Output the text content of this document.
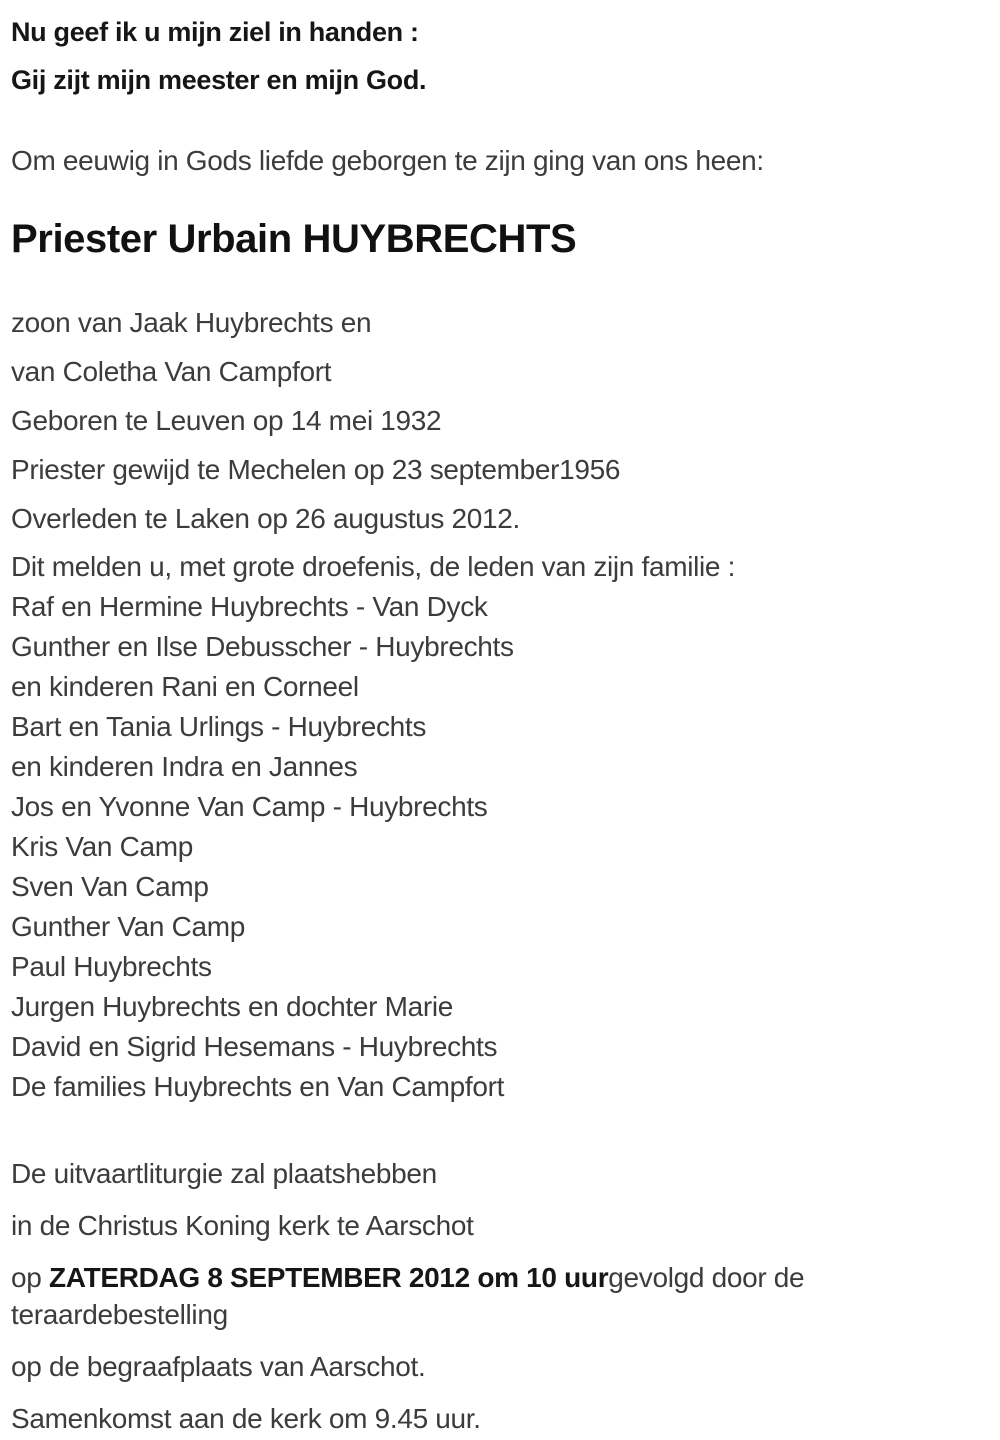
Nu geef ik u mijn ziel in handen :

Gij zijt mijn meester en mijn God.

Om eeuwig in Gods liefde geborgen te zijn ging van ons heen:

Priester Urbain HUYBRECHTS

zoon van Jaak Huybrechts en

van Coletha Van Campfort

Geboren te Leuven op 14 mei 1932

Priester gewijd te Mechelen op 23 september1956

Overleden te Laken op 26 augustus 2012.

Dit melden u, met grote droefenis, de leden van zijn familie :
Raf en Hermine Huybrechts - Van Dyck
Gunther en Ilse Debusscher - Huybrechts
en kinderen Rani en Corneel
Bart en Tania Urlings - Huybrechts
en kinderen Indra en Jannes
Jos en Yvonne Van Camp - Huybrechts
Kris Van Camp
Sven Van Camp
Gunther Van Camp
Paul Huybrechts
Jurgen Huybrechts en dochter Marie
David en Sigrid Hesemans - Huybrechts
De families Huybrechts en Van Campfort

De uitvaartliturgie zal plaatshebben

in de Christus Koning kerk te Aarschot

op ZATERDAG 8 SEPTEMBER 2012 om 10 uurgevolgd door de teraardebestelling

op de begraafplaats van Aarschot.

Samenkomst aan de kerk om 9.45 uur.
